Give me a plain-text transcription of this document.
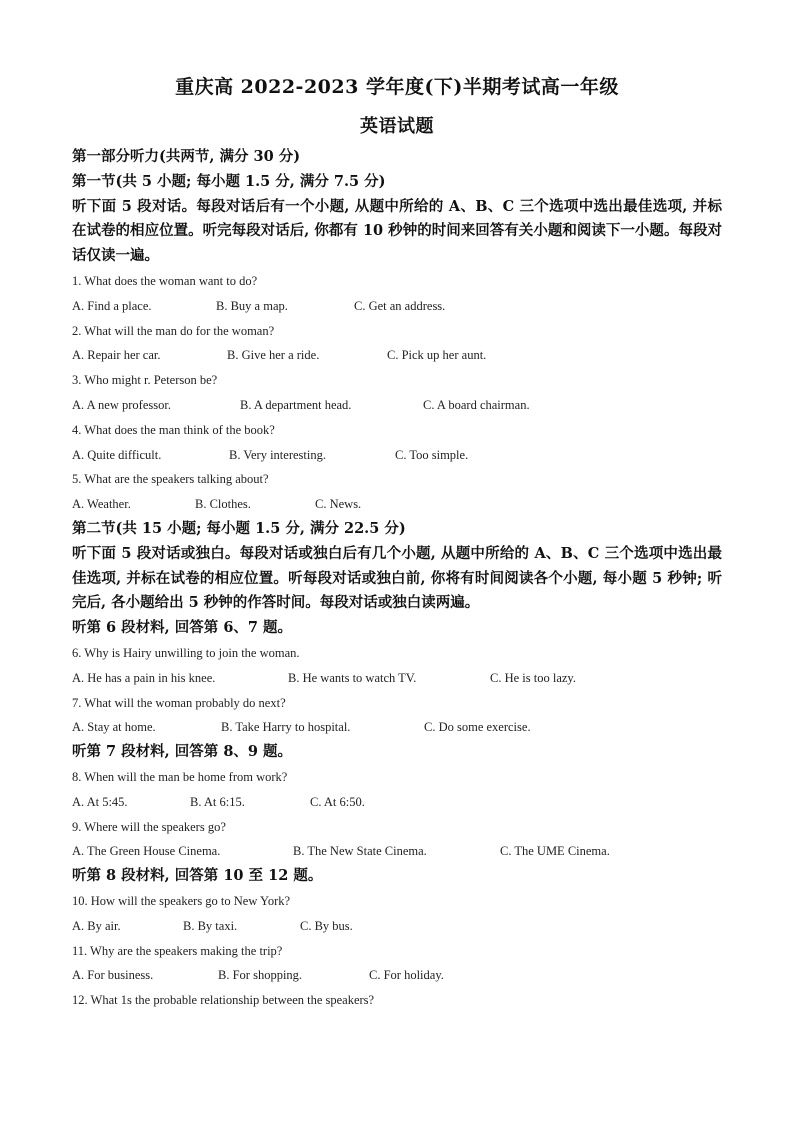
重庆高 2022-2023 学年度(下)半期考试高一年级
英语试题
第一部分听力(共两节, 满分 30 分)
第一节(共 5 小题; 每小题 1.5 分, 满分 7.5 分)
听下面 5 段对话。每段对话后有一个小题, 从题中所给的 A、B、C 三个选项中选出最佳选项, 并标在试卷的相应位置。听完每段对话后, 你都有 10 秒钟的时间来回答有关小题和阅读下一小题。每段对话仅读一遍。
1. What does the woman want to do?
A. Find a place.	B. Buy a map.	C. Get an address.
2. What will the man do for the woman?
A. Repair her car.	B. Give her a ride.	C. Pick up her aunt.
3. Who might r. Peterson be?
A. A new professor.	B. A department head.	C. A board chairman.
4. What does the man think of the book?
A. Quite difficult.	B. Very interesting.	C. Too simple.
5. What are the speakers talking about?
A. Weather.	B. Clothes.	C. News.
第二节(共 15 小题; 每小题 1.5 分, 满分 22.5 分)
听下面 5 段对话或独白。每段对话或独白后有几个小题, 从题中所给的 A、B、C 三个选项中选出最佳选项, 并标在试卷的相应位置。听每段对话或独白前, 你将有时间阅读各个小题, 每小题 5 秒钟; 听完后, 各小题给出 5 秒钟的作答时间。每段对话或独白读两遍。
听第 6 段材料, 回答第 6、7 题。
6. Why is Hairy unwilling to join the woman.
A. He has a pain in his knee.	B. He wants to watch TV.	C. He is too lazy.
7. What will the woman probably do next?
A. Stay at home.	B. Take Harry to hospital.	C. Do some exercise.
听第 7 段材料, 回答第 8、9 题。
8. When will the man be home from work?
A. At 5:45.	B. At 6:15.	C. At 6:50.
9. Where will the speakers go?
A. The Green House Cinema.	B. The New State Cinema.	C. The UME Cinema.
听第 8 段材料, 回答第 10 至 12 题。
10. How will the speakers go to New York?
A. By air.	B. By taxi.	C. By bus.
11. Why are the speakers making the trip?
A. For business.	B. For shopping.	C. For holiday.
12. What 1s the probable relationship between the speakers?
